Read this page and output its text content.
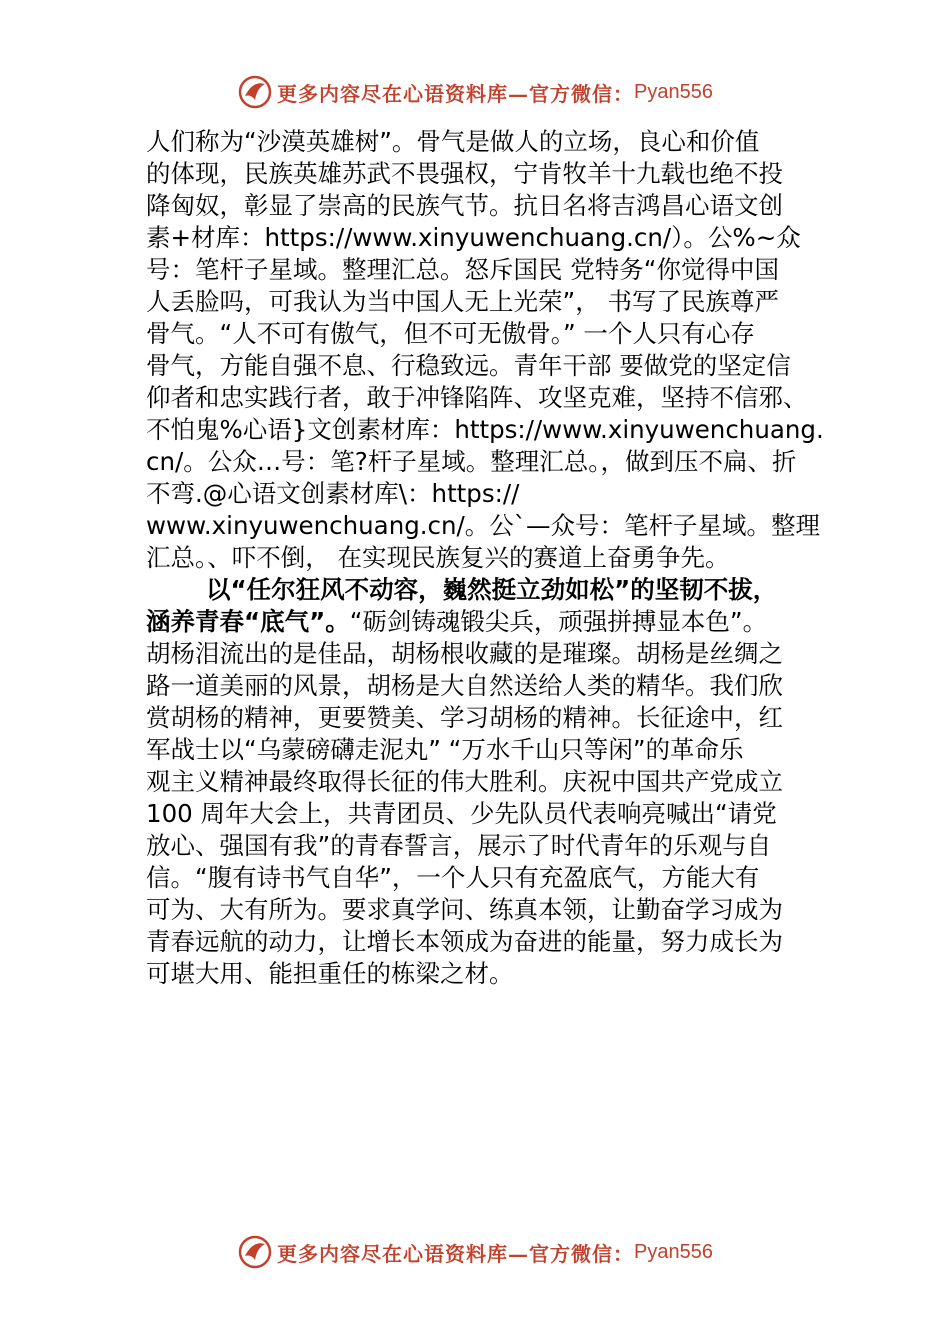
更多内容尽在心语资料库—官方微信： Pyan556
人们称为“沙漠英雄树”。骨气是做人的立场，良心和价值
的体现，民族英雄苏武不畏强权，宁肯牧羊十九载也绝不投
降匈奴，彰显了崇高的民族气节。抗日名将吉鸿昌心语文创
素+材库：https://www.xinyuwenchuang.cn/）。公%~众
号：笔杆子星域。整理汇总。怒斥国民 党特务“你觉得中国
人丢脸吗，可我认为当中国人无上光荣”， 书写了民族尊严
骨气。“人不可有傲气，但不可无傲骨。” 一个人只有心存
骨气，方能自强不息、行稳致远。青年干部 要做党的坚定信
仰者和忠实践行者，敢于冲锋陷阵、攻坚克难，坚持不信邪、
不怕鬼%心语}文创素材库：https://www.xinyuwenchuang.
cn/。公众…号：笔?杆子星域。整理汇总。，做到压不扁、折
不弯.@心语文创素材库\：https://
www.xinyuwenchuang.cn/。公`—众号：笔杆子星域。整理
汇总。、吓不倒， 在实现民族复兴的赛道上奋勇争先。
以“任尔狂风不动容，巍然挺立劲如松”的坚韧不拔，
涵养青春“底气”。“砺剑铸魂锻尖兵，顽强拼搏显本色”。
胡杨泪流出的是佳品，胡杨根收藏的是璀璨。胡杨是丝绸之
路一道美丽的风景，胡杨是大自然送给人类的精华。我们欣
赏胡杨的精神，更要赞美、学习胡杨的精神。长征途中，红
军战士以“乌蒙磅礴走泥丸” “万水千山只等闲”的革命乐
观主义精神最终取得长征的伟大胜利。庆祝中国共产党成立
100 周年大会上，共青团员、少先队员代表响亮喊出“请党
放心、强国有我”的青春誓言，展示了时代青年的乐观与自
信。“腹有诗书气自华”，一个人只有充盈底气，方能大有
可为、大有所为。要求真学问、练真本领，让勤奋学习成为
青春远航的动力，让增长本领成为奋进的能量，努力成长为
可堪大用、能担重任的栋梁之材。
更多内容尽在心语资料库—官方微信： Pyan556
